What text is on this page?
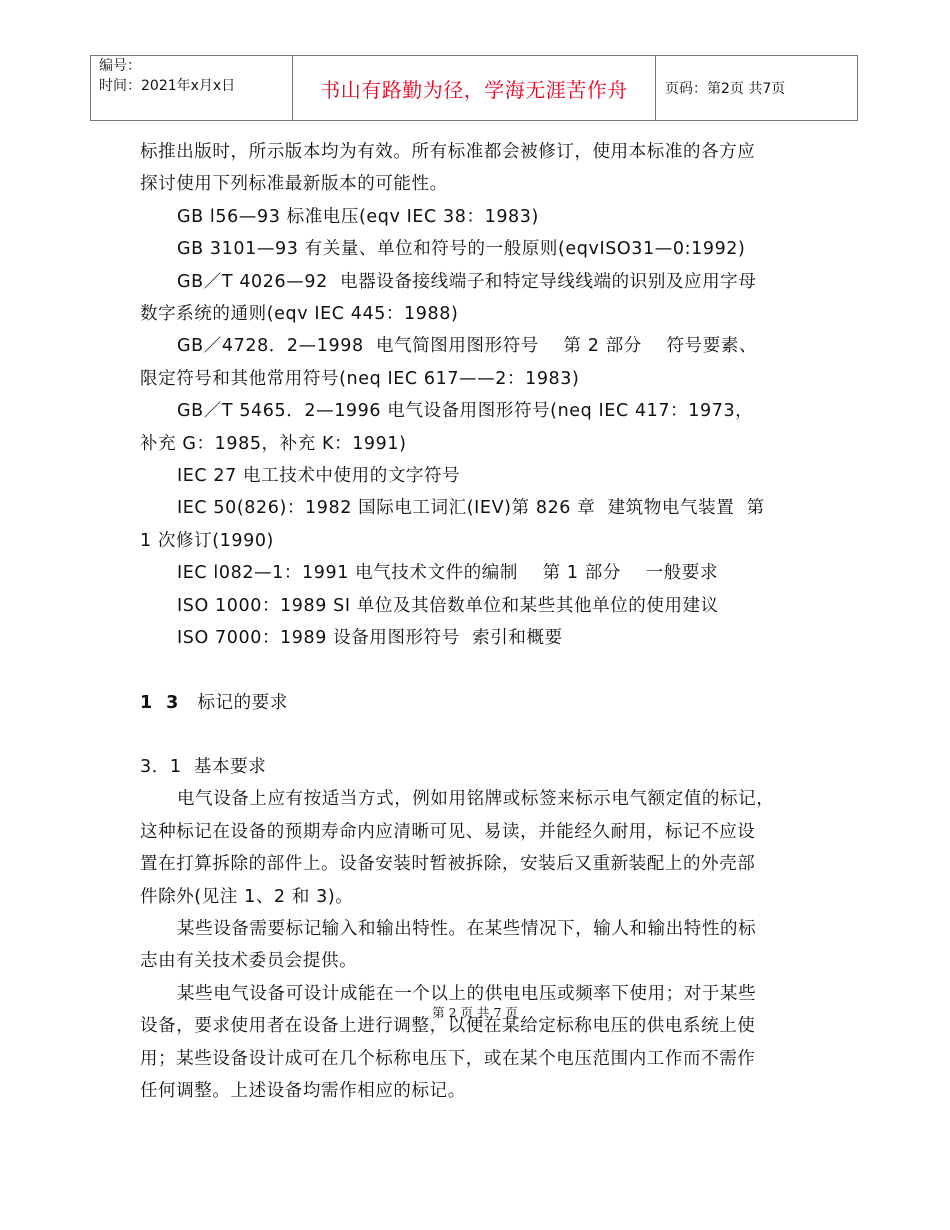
编号：
时间：2021年x月x日	书山有路勤为径，学海无涯苦作舟	页码：第2页 共7页

标推出版时，所示版本均为有效。所有标准都会被修订，使用本标准的各方应

探讨使用下列标准最新版本的可能性。

GB l56—93 标准电压(eqv IEC 38：1983)

GB 3101—93 有关量、单位和符号的一般原则(eqvISO31—0:1992)

GB／T 4026—92  电器设备接线端子和特定导线线端的识别及应用字母

数字系统的通则(eqv IEC 445：1988)

GB／4728．2—1998  电气简图用图形符号    第 2 部分    符号要素、

限定符号和其他常用符号(neq IEC 617——2：1983)

GB／T 5465．2—1996 电气设备用图形符号(neq IEC 417：1973，

补充 G：1985，补充 K：1991)

IEC 27 电工技术中使用的文字符号

IEC 50(826)：1982 国际电工词汇(IEV)第 826 章  建筑物电气装置  第

1 次修订(1990)

IEC l082—1：1991 电气技术文件的编制    第 1 部分    一般要求

ISO 1000：1989 SI 单位及其倍数单位和某些其他单位的使用建议

ISO 7000：1989 设备用图形符号  索引和概要

1  3 标记的要求

3．1  基本要求

电气设备上应有按适当方式，例如用铭牌或标签来标示电气额定值的标记，

这种标记在设备的预期寿命内应清晰可见、易读，并能经久耐用，标记不应设

置在打算拆除的部件上。设备安装时暂被拆除，安装后又重新装配上的外壳部

件除外(见注 1、2 和 3)。

某些设备需要标记输入和输出特性。在某些情况下，输人和输出特性的标

志由有关技术委员会提供。

某些电气设备可设计成能在一个以上的供电电压或频率下使用；对于某些

设备，要求使用者在设备上进行调整，以便在某给定标称电压的供电系统上使

用；某些设备设计成可在几个标称电压下，或在某个电压范围内工作而不需作

任何调整。上述设备均需作相应的标记。

第 2 页 共 7 页
